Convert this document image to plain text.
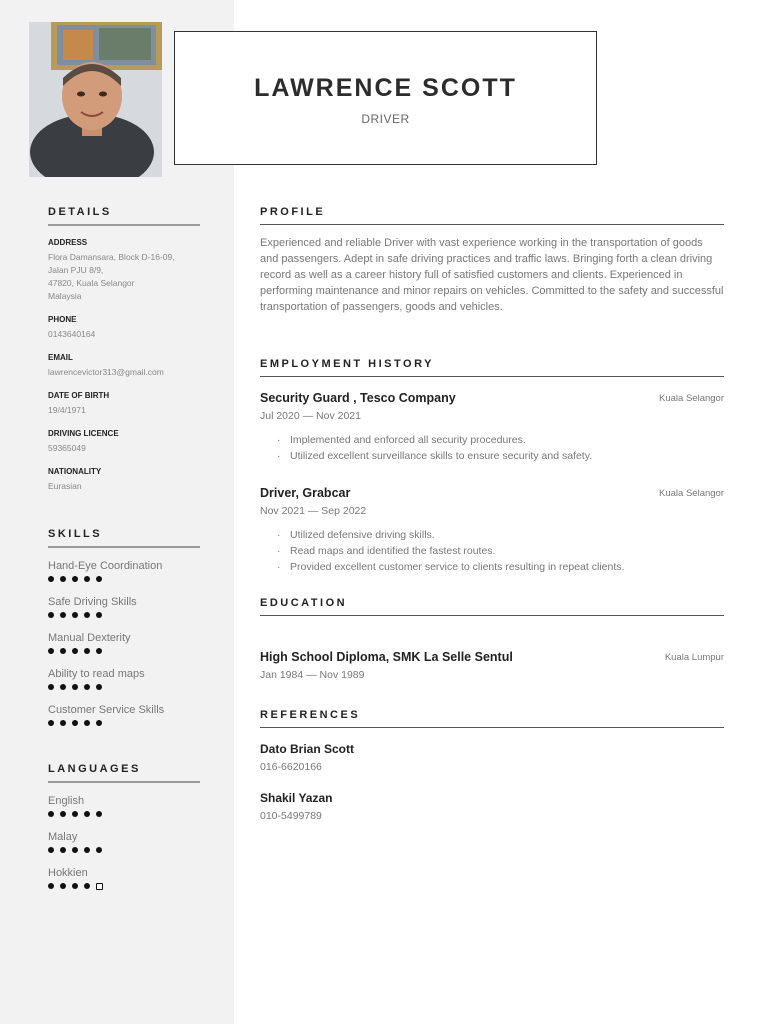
LAWRENCE SCOTT
DRIVER
DETAILS
ADDRESS
Flora Damansara, Block D-16-09,
Jalan PJU 8/9,
47820, Kuala Selangor
Malaysia
PHONE
0143640164
EMAIL
lawrencevictor313@gmail.com
DATE OF BIRTH
19/4/1971
DRIVING LICENCE
59365049
NATIONALITY
Eurasian
SKILLS
Hand-Eye Coordination
Safe Driving Skills
Manual Dexterity
Ability to read maps
Customer Service Skills
LANGUAGES
English
Malay
Hokkien
PROFILE
Experienced and reliable Driver with vast experience working in the transportation of goods and passengers. Adept in safe driving practices and traffic laws. Bringing forth a clean driving record as well as a career history full of satisfied customers and clients. Experienced in performing maintenance and minor repairs on vehicles. Committed to the safety and successful transportation of passengers, goods and vehicles.
EMPLOYMENT HISTORY
Security Guard , Tesco Company	Kuala Selangor
Jul 2020 — Nov 2021
· Implemented and enforced all security procedures.
· Utilized excellent surveillance skills to ensure security and safety.
Driver, Grabcar	Kuala Selangor
Nov 2021 — Sep 2022
· Utilized defensive driving skills.
· Read maps and identified the fastest routes.
· Provided excellent customer service to clients resulting in repeat clients.
EDUCATION
High School Diploma, SMK La Selle Sentul	Kuala Lumpur
Jan 1984 — Nov 1989
REFERENCES
Dato Brian Scott
016-6620166
Shakil Yazan
010-5499789
